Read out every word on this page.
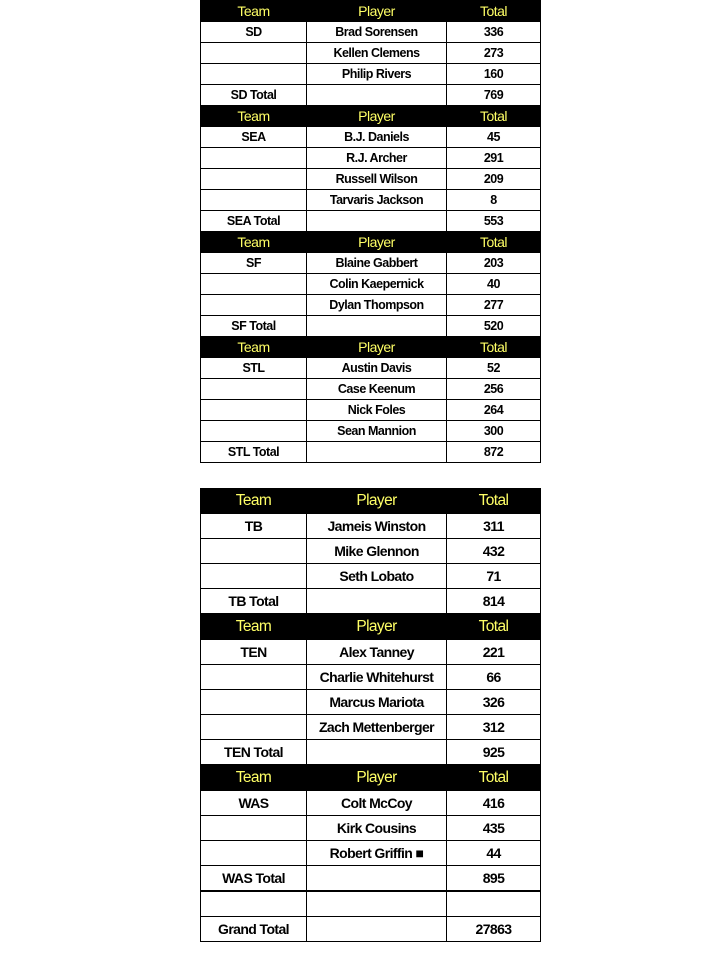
Team	Player	Total
SD	Brad Sorensen	336
	Kellen Clemens	273
	Philip Rivers	160
SD Total		769
Team	Player	Total
SEA	B.J. Daniels	45
	R.J. Archer	291
	Russell Wilson	209
	Tarvaris Jackson	8
SEA Total		553
Team	Player	Total
SF	Blaine Gabbert	203
	Colin Kaepernick	40
	Dylan Thompson	277
SF Total		520
Team	Player	Total
STL	Austin Davis	52
	Case Keenum	256
	Nick Foles	264
	Sean Mannion	300
STL Total		872
Team	Player	Total
TB	Jameis Winston	311
	Mike Glennon	432
	Seth Lobato	71
TB Total		814
Team	Player	Total
TEN	Alex Tanney	221
	Charlie Whitehurst	66
	Marcus Mariota	326
	Zach Mettenberger	312
TEN Total		925
Team	Player	Total
WAS	Colt McCoy	416
	Kirk Cousins	435
	Robert Griffin ■	44
WAS Total		895

Grand Total		27863
